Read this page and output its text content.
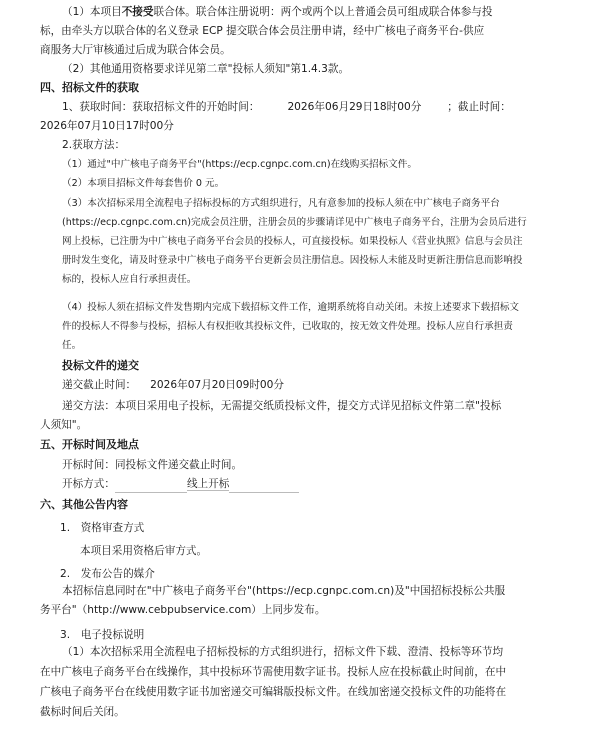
（1）本项目不接受联合体。联合体注册说明：两个或两个以上普通会员可组成联合体参与投
标，由牵头方以联合体的名义登录 ECP 提交联合体会员注册申请，经中广核电子商务平台-供应
商服务大厅审核通过后成为联合体会员。
（2）其他通用资格要求详见第二章"投标人须知"第1.4.3款。
四、招标文件的获取
1、获取时间：获取招标文件的开始时间：	2026年06月29日18时00分 ；截止时间：
2026年07月10日17时00分
2.获取方法：
（1）通过"中广核电子商务平台"(https://ecp.cgnpc.com.cn)在线购买招标文件。
（2）本项目招标文件每套售价 0 元。
（3）本次招标采用全流程电子招标投标的方式组织进行，凡有意参加的投标人须在中广核电子商务平台
(https://ecp.cgnpc.com.cn)完成会员注册，注册会员的步骤请详见中广核电子商务平台，注册为会员后进行
网上投标，已注册为中广核电子商务平台会员的投标人，可直接投标。如果投标人《营业执照》信息与会员注
册时发生变化，请及时登录中广核电子商务平台更新会员注册信息。因投标人未能及时更新注册信息而影响投
标的，投标人应自行承担责任。
（4）投标人须在招标文件发售期内完成下载招标文件工作，逾期系统将自动关闭。未按上述要求下载招标文
件的投标人不得参与投标，招标人有权拒收其投标文件，已收取的，按无效文件处理。投标人应自行承担责
任。
投标文件的递交
递交截止时间： 2026年07月20日09时00分
递交方法：本项目采用电子投标，无需提交纸质投标文件，提交方式详见招标文件第二章"投标
人须知"。
五、开标时间及地点
开标时间：同投标文件递交截止时间。
开标方式：	线上开标
六、其他公告内容
1.　资格审查方式
本项目采用资格后审方式。
2.　发布公告的媒介
本招标信息同时在"中广核电子商务平台"(https://ecp.cgnpc.com.cn)及"中国招标投标公共服
务平台"（http://www.cebpubservice.com）上同步发布。
3.　电子投标说明
（1）本次招标采用全流程电子招标投标的方式组织进行，招标文件下载、澄清、投标等环节均
在中广核电子商务平台在线操作，其中投标环节需使用数字证书。投标人应在投标截止时间前，在中
广核电子商务平台在线使用数字证书加密递交可编辑版投标文件。在线加密递交投标文件的功能将在
截标时间后关闭。
